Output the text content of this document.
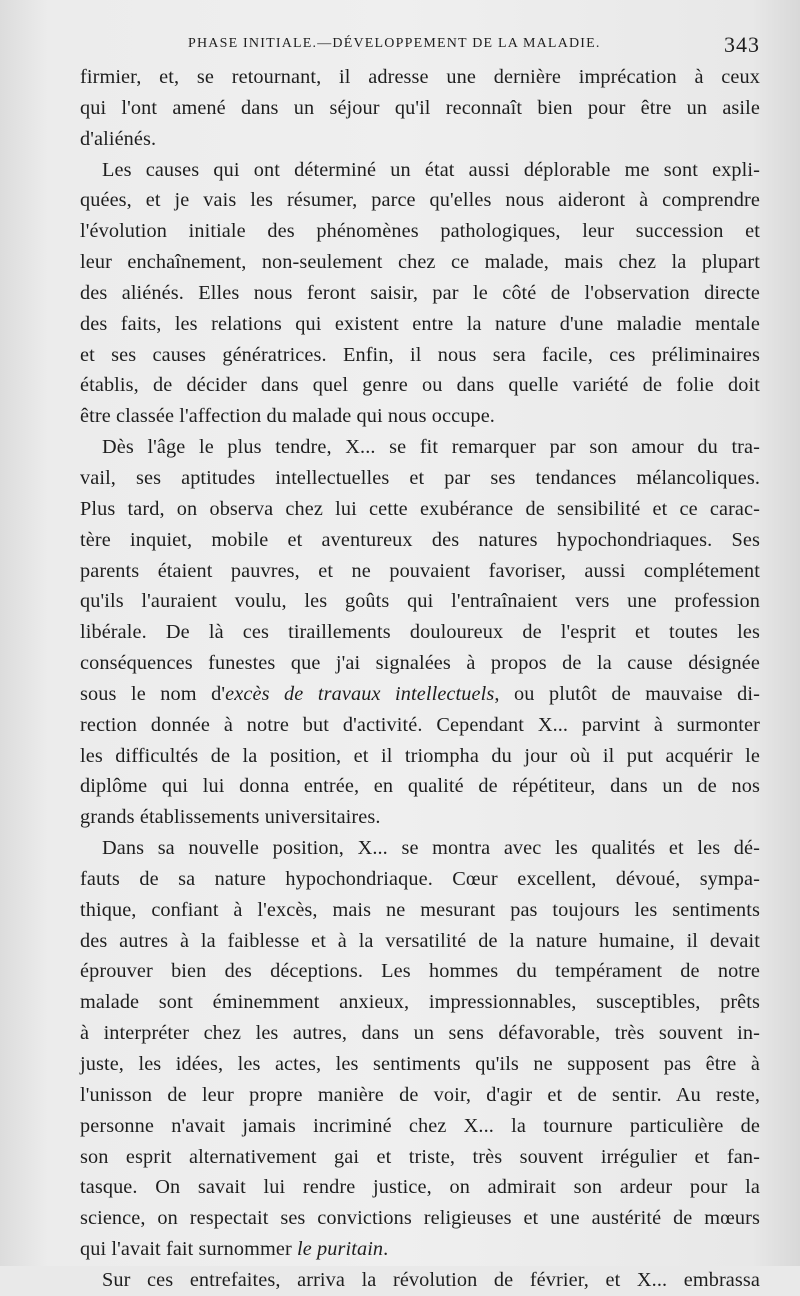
PHASE INITIALE.—DÉVELOPPEMENT DE LA MALADIE.	343
firmier, et, se retournant, il adresse une dernière imprécation à ceux
qui l'ont amené dans un séjour qu'il reconnaît bien pour être un asile
d'aliénés.
Les causes qui ont déterminé un état aussi déplorable me sont expli-
quées, et je vais les résumer, parce qu'elles nous aideront à comprendre
l'évolution initiale des phénomènes pathologiques, leur succession et
leur enchaînement, non-seulement chez ce malade, mais chez la plupart
des aliénés. Elles nous feront saisir, par le côté de l'observation directe
des faits, les relations qui existent entre la nature d'une maladie mentale
et ses causes génératrices. Enfin, il nous sera facile, ces préliminaires
établis, de décider dans quel genre ou dans quelle variété de folie doit
être classée l'affection du malade qui nous occupe.
Dès l'âge le plus tendre, X... se fit remarquer par son amour du tra-
vail, ses aptitudes intellectuelles et par ses tendances mélancoliques.
Plus tard, on observa chez lui cette exubérance de sensibilité et ce carac-
tère inquiet, mobile et aventureux des natures hypochondriaques. Ses
parents étaient pauvres, et ne pouvaient favoriser, aussi complétement
qu'ils l'auraient voulu, les goûts qui l'entraînaient vers une profession
libérale. De là ces tiraillements douloureux de l'esprit et toutes les
conséquences funestes que j'ai signalées à propos de la cause désignée
sous le nom d'excès de travaux intellectuels, ou plutôt de mauvaise di-
rection donnée à notre but d'activité. Cependant X... parvint à surmonter
les difficultés de la position, et il triompha du jour où il put acquérir le
diplôme qui lui donna entrée, en qualité de répétiteur, dans un de nos
grands établissements universitaires.
Dans sa nouvelle position, X... se montra avec les qualités et les dé-
fauts de sa nature hypochondriaque. Cœur excellent, dévoué, sympa-
thique, confiant à l'excès, mais ne mesurant pas toujours les sentiments
des autres à la faiblesse et à la versatilité de la nature humaine, il devait
éprouver bien des déceptions. Les hommes du tempérament de notre
malade sont éminemment anxieux, impressionnables, susceptibles, prêts
à interpréter chez les autres, dans un sens défavorable, très souvent in-
juste, les idées, les actes, les sentiments qu'ils ne supposent pas être à
l'unisson de leur propre manière de voir, d'agir et de sentir. Au reste,
personne n'avait jamais incriminé chez X... la tournure particulière de
son esprit alternativement gai et triste, très souvent irrégulier et fan-
tasque. On savait lui rendre justice, on admirait son ardeur pour la
science, on respectait ses convictions religieuses et une austérité de mœurs
qui l'avait fait surnommer le puritain.
Sur ces entrefaites, arriva la révolution de février, et X... embrassa
